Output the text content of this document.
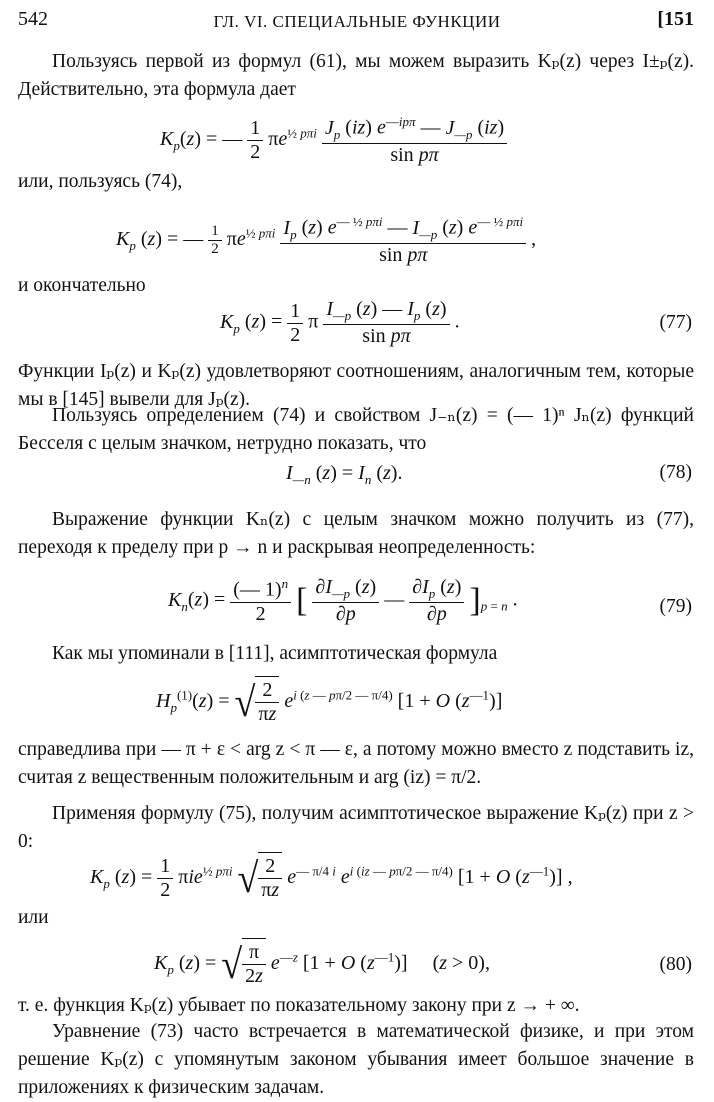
542	ГЛ. VI. СПЕЦИАЛЬНЫЕ ФУНКЦИИ	[151
Пользуясь первой из формул (61), мы можем выразить Kₚ(z) через I±ₚ(z). Действительно, эта формула дает
$K_p(z)$ = — $\frac{1}{2} \pi e^{\frac{1}{2} p\pi i} \frac{J_p (iz) e^{—ip\pi} — J_{—p} (iz)}{\text{sin pπ}}$
или, пользуясь (74),
$K_p$ (z) = — $\frac{1}{2} \pi e^{\frac{1}{2} p\pi i} \frac{I_p (z) e^{— \frac{1}{2} p\pi i} — I_{—p} (z) e^{— \frac{1}{2} p\pi i}}{\text{sin pπ}}$ ,
и окончательно
$K_p$ $(z) = \frac{1}{2}$ π $\frac{I_{—p} (z) — I_p (z)}{\text{sin pπ}}$ .	(77)
Функции Iₚ(z) и Kₚ(z) удовлетворяют соотношениям, аналогичным тем, которые мы в [145] вывели для Jₚ(z).
Пользуясь определением (74) и свойством J₋ₙ(z) = (— 1)ⁿ Jₙ(z) функций Бесселя с целым значком, нетрудно показать, что
$I_{—n}$ $(z) = I_n$ (z).	(78)
Выражение функции Kₙ(z) с целым значком можно получить из (77), переходя к пределу при p → n и раскрывая неопределенность:
$K_n(z) = \frac{(— 1)^n}{2}$ [ $\frac{\partial I_{—p} (z)}{\partial p}$ — $\frac{\partial I_p (z)}{\partial p} ]_{p = n}$ .	(79)
Как мы упоминали в [111], асимптотическая формула
$H_p^{(1)}(z)$ = √ $\frac{2}{\pi z} e^{i (z — p\pi/2 — \pi/4)}$ [1 + O $(z^{—1})$]
справедлива при — π + ε < arg z < π — ε, а потому можно вместо z подставить iz, считая z вещественным положительным и arg (iz) = π/2.
Применяя формулу (75), получим асимптотическое выражение Kₚ(z) при z > 0:
$K_p$ $(z) = \frac{1}{2} \pi ie^{\frac{1}{2} p\pi i}$ √ $\frac{2}{\pi z} e^{— \pi/4 i}$ $e^{i (iz — p\pi/2 — \pi/4)}$ [1 + O $(z^{—1})$] ,
или
$K_p$ (z) = √ $\frac{\pi}{2z} e^{—z}$ [1 + O $(z^{—1})$]     (z > 0),	(80)
т. е. функция Kₚ(z) убывает по показательному закону при z → + ∞.
Уравнение (73) часто встречается в математической физике, и при этом решение Kₚ(z) с упомянутым законом убывания имеет большое значение в приложениях к физическим задачам.
